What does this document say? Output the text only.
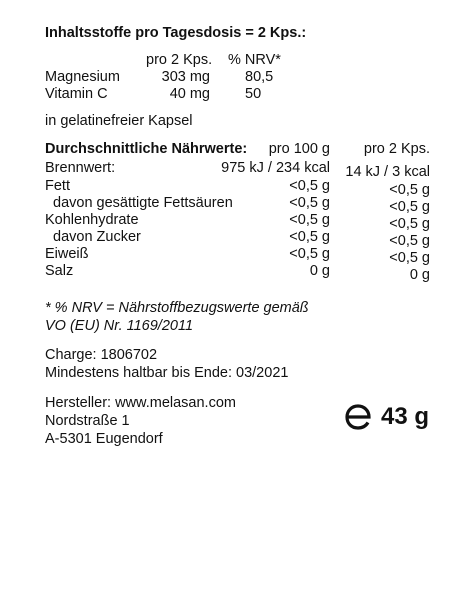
Inhaltsstoffe pro Tagesdosis = 2 Kps.:
pro 2 Kps. % NRV*
Magnesium	303 mg 80,5
Vitamin C	40 mg 50
in gelatinefreier Kapsel
Durchschnittliche Nährwerte:	pro 100 g	pro 2 Kps.
Brennwert:	975 kJ / 234 kcal	14 kJ / 3 kcal
Fett	<0,5 g	<0,5 g
davon gesättigte Fettsäuren	<0,5 g	<0,5 g
Kohlenhydrate	<0,5 g	<0,5 g
davon Zucker	<0,5 g	<0,5 g
Eiweiß	<0,5 g	<0,5 g
Salz	0 g	0 g
* % NRV = Nährstoffbezugswerte gemäß
VO (EU) Nr. 1169/2011
Charge: 1806702
Mindestens haltbar bis Ende: 03/2021
Hersteller: www.melasan.com
Nordstraße 1
A-5301 Eugendorf
43 g
